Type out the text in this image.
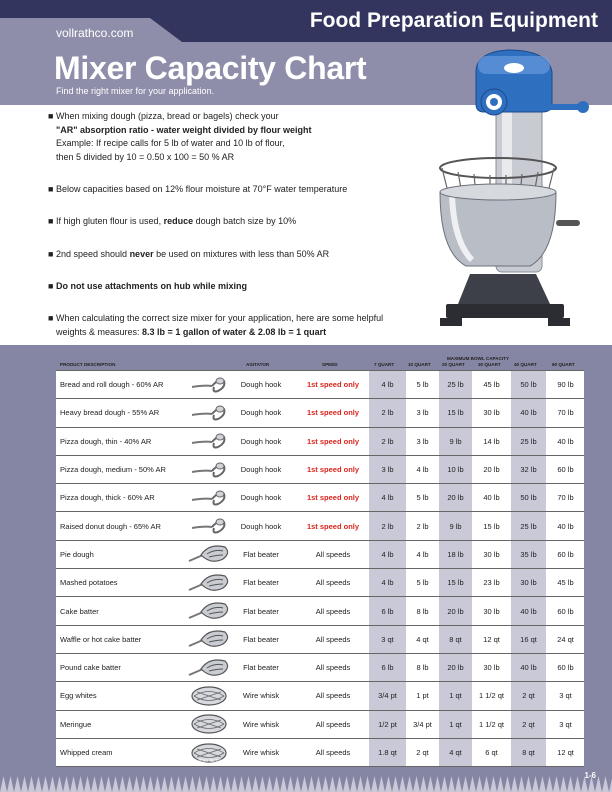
vollrathco.com
Food Preparation Equipment
Mixer Capacity Chart
Find the right mixer for your application.
■ When mixing dough (pizza, bread or bagels) check your
"AR" absorption ratio - water weight divided by flour weight
Example: If recipe calls for 5 lb of water and 10 lb of flour,
then 5 divided by 10 = 0.50 x 100 = 50 % AR
■ Below capacities based on 12% flour moisture at 70°F water temperature
■ If high gluten flour is used, reduce dough batch size by 10%
■ 2nd speed should never be used on mixtures with less than 50% AR
■ Do not use attachments on hub while mixing
■ When calculating the correct size mixer for your application, here are some helpful
weights & measures: 8.3 lb = 1 gallon of water & 2.08 lb = 1 quart
MAXIMUM BOWL CAPACITY
PRODUCT DESCRIPTION	AGITATOR	SPEED	7 QUART	10 QUART 20 QUART	30 QUART	40 QUART	60 QUART
Bread and roll dough - 60% AR	Dough hook	1st speed only	4 lb	5 lb	25 lb	45 lb	50 lb	90 lb
Heavy bread dough - 55% AR	Dough hook	1st speed only	2 lb	3 lb	15 lb	30 lb	40 lb	70 lb
Pizza dough, thin - 40% AR	Dough hook	1st speed only	2 lb	3 lb	9 lb	14 lb	25 lb	40 lb
Pizza dough, medium - 50% AR	Dough hook	1st speed only	3 lb	4 lb	10 lb	20 lb	32 lb	60 lb
Pizza dough, thick - 60% AR	Dough hook	1st speed only	4 lb	5 lb	20 lb	40 lb	50 lb	70 lb
Raised donut dough - 65% AR	Dough hook	1st speed only	2 lb	2 lb	9 lb	15 lb	25 lb	40 lb
Pie dough	Flat beater	All speeds	4 lb	4 lb	18 lb	30 lb	35 lb	60 lb
Mashed potatoes	Flat beater	All speeds	4 lb	5 lb	15 lb	23 lb	30 lb	45 lb
Cake batter	Flat beater	All speeds	6 lb	8 lb	20 lb	30 lb	40 lb	60 lb
Waffle or hot cake batter	Flat beater	All speeds	3 qt	4 qt	8 qt	12 qt	16 qt	24 qt
Pound cake batter	Flat beater	All speeds	6 lb	8 lb	20 lb	30 lb	40 lb	60 lb
Egg whites	Wire whisk	All speeds	3/4 pt	1 pt	1 qt	1 1/2 qt	2 qt	3 qt
Meringue	Wire whisk	All speeds	1/2 pt	3/4 pt	1 qt	1 1/2 qt	2 qt	3 qt
Whipped cream	Wire whisk	All speeds	1.8 qt	2 qt	4 qt	6 qt	8 qt	12 qt
Note: This chart should be used as a guideline only. Type of flour and other factors can vary and may require the batch size to be adjusted.
1-6
